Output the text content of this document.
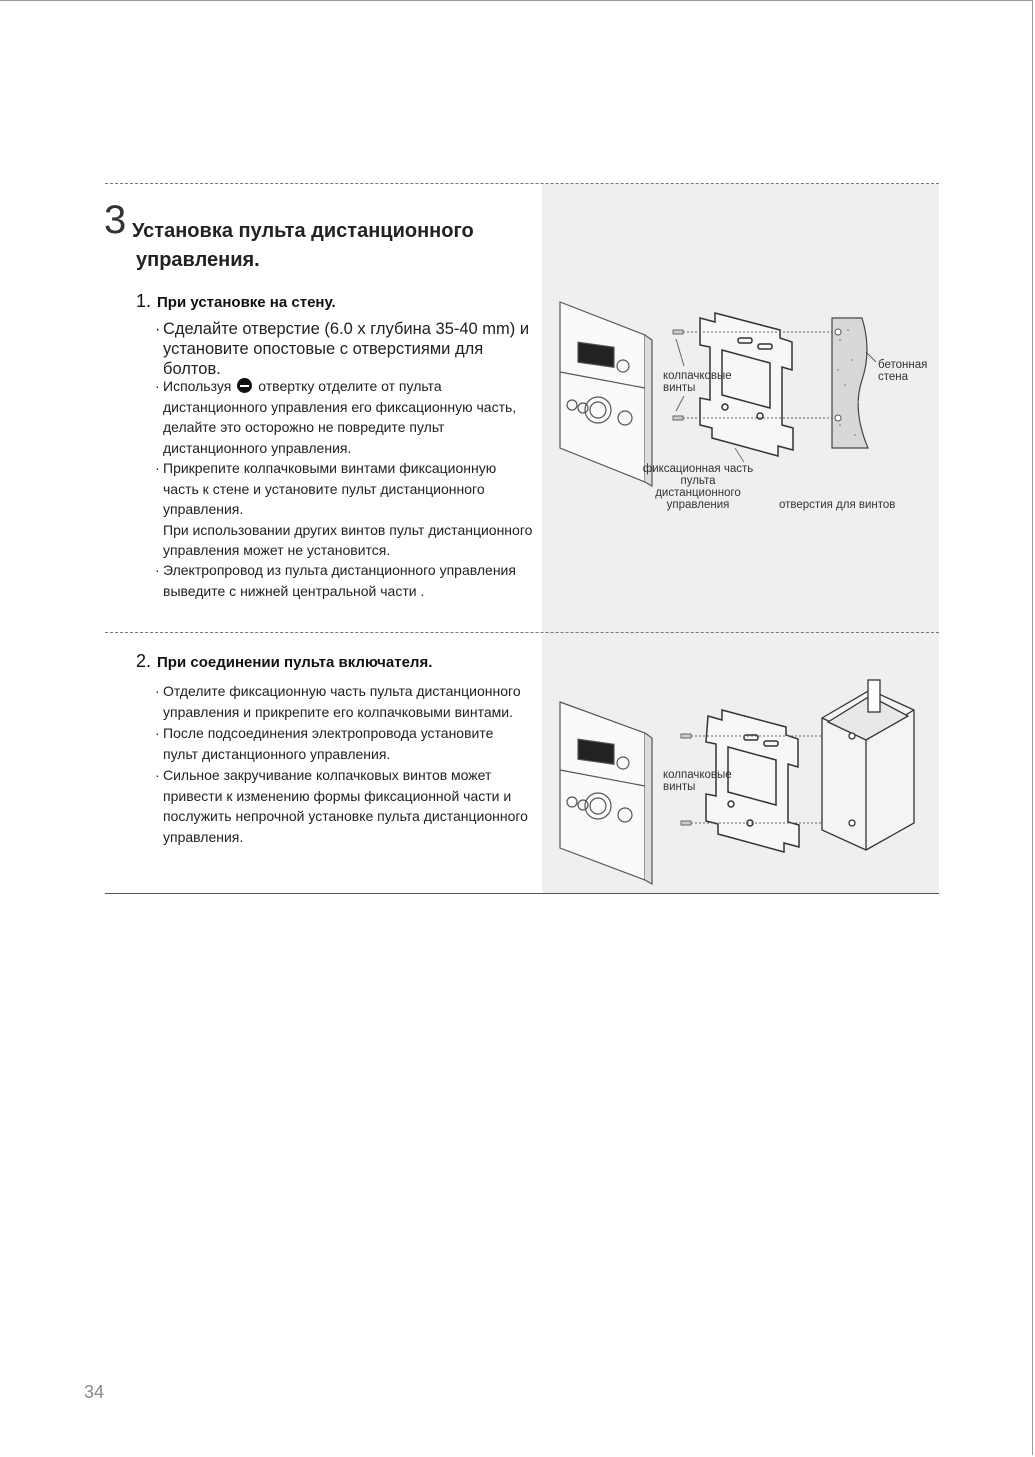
3 Установка пульта дистанционного
управления.
1. При установке на стену.
· Сделайте отверстие (6.0 x глубина 35-40 mm) и
установите опостовые с отверстиями для
болтов.
· Используя отвертку отделите от пульта
дистанционного управления его фиксационную часть,
делайте это осторожно не повредите пульт
дистанционного управления.
· Прикрепите колпачковыми винтами фиксационную
часть к стене и установите пульт дистанционного
управления.
При использовании других винтов пульт дистанционного
управления может не установится.
· Электропровод из пульта дистанционного управления
выведите с нижней центральной части .
2. При соединении пульта включателя.
· Отделите фиксационную часть пульта дистанционного
управления и прикрепите его колпачковыми винтами.
· После подсоединения электропровода установите
пульт дистанционного управления.
· Сильное закручивание колпачковых винтов может
привести к изменению формы фиксационной части и
послужить непрочной установке пульта дистанционного
управления.
колпачковые
винты
бетонная
стена
фиксационная часть
пульта
дистанционного
управления	отверстия для винтов
колпачковые
винты
34
